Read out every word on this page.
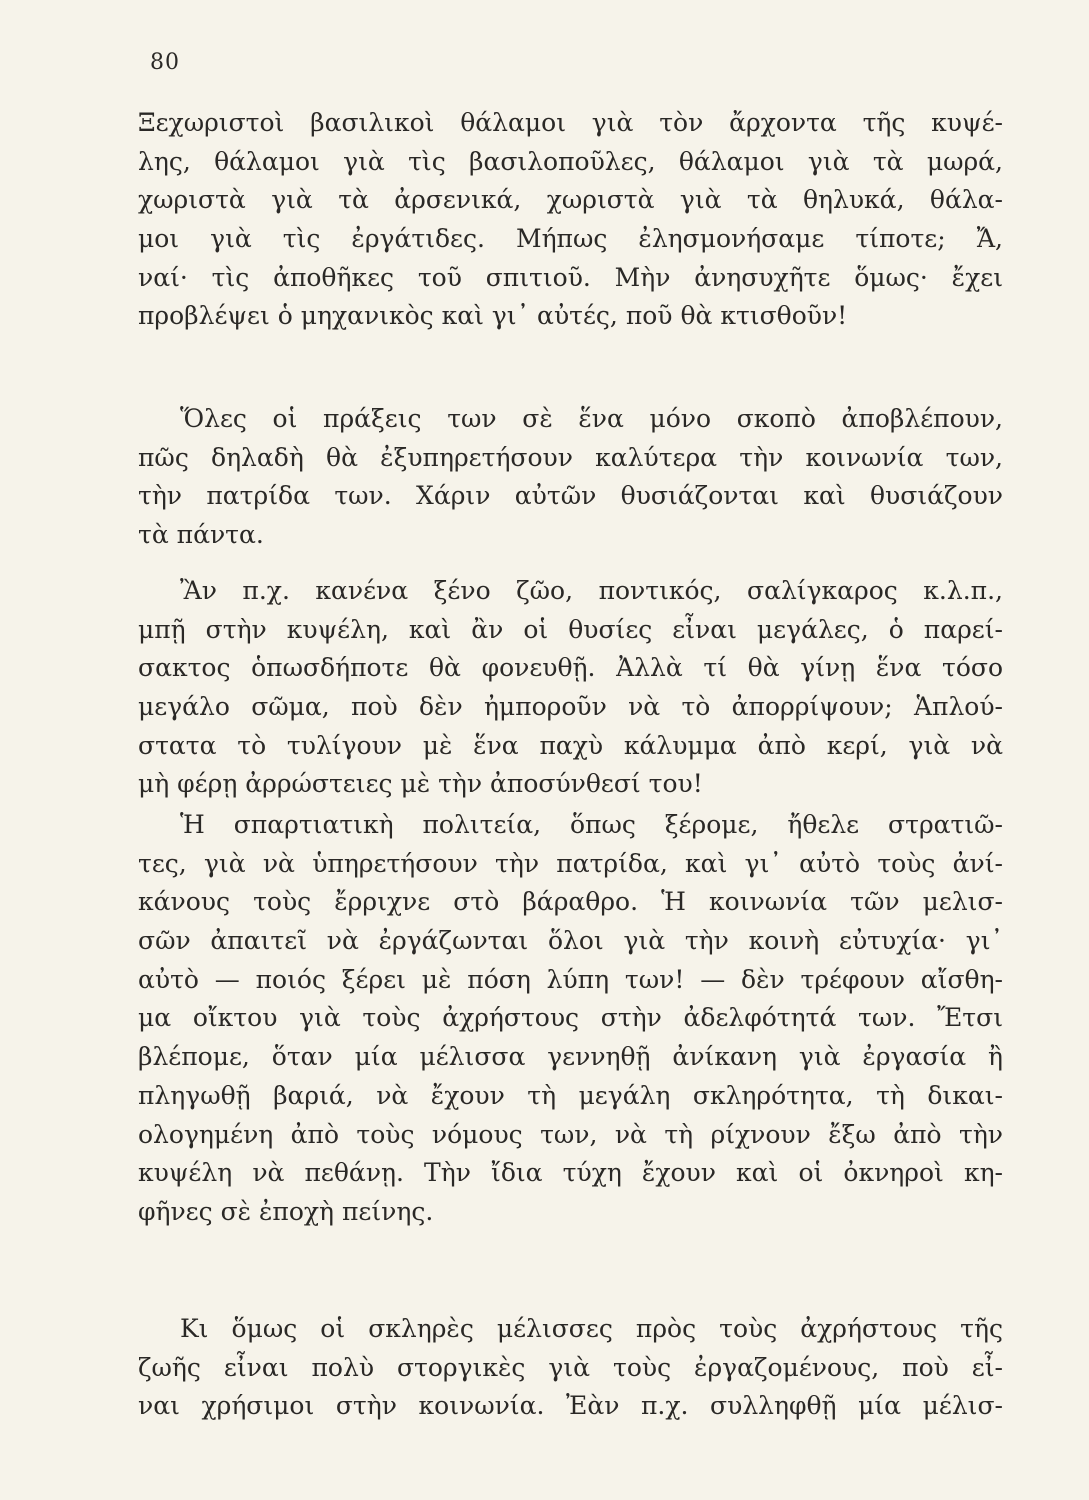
80
Ξεχωριστοὶ βασιλικοὶ θάλαμοι γιὰ τὸν ἄρχοντα τῆς κυψέ-
λης, θάλαμοι γιὰ τὶς βασιλοποῦλες, θάλαμοι γιὰ τὰ μωρά,
χωριστὰ γιὰ τὰ ἀρσενικά, χωριστὰ γιὰ τὰ θηλυκά, θάλα-
μοι γιὰ τὶς ἐργάτιδες. Μήπως ἐλησμονήσαμε τίποτε; Ἄ,
ναί· τὶς ἀποθῆκες τοῦ σπιτιοῦ. Μὴν ἀνησυχῆτε ὅμως· ἔχει
προβλέψει ὁ μηχανικὸς καὶ γι᾽ αὐτές, ποῦ θὰ κτισθοῦν!
Ὅλες οἱ πράξεις των σὲ ἕνα μόνο σκοπὸ ἀποβλέπουν,
πῶς δηλαδὴ θὰ ἐξυπηρετήσουν καλύτερα τὴν κοινωνία των,
τὴν πατρίδα των. Χάριν αὐτῶν θυσιάζονται καὶ θυσιάζουν
τὰ πάντα.
Ἂν π.χ. κανένα ξένο ζῶο, ποντικός, σαλίγκαρος κ.λ.π.,
μπῇ στὴν κυψέλη, καὶ ἂν οἱ θυσίες εἶναι μεγάλες, ὁ παρεί-
σακτος ὁπωσδήποτε θὰ φονευθῇ. Ἀλλὰ τί θὰ γίνῃ ἕνα τόσο
μεγάλο σῶμα, ποὺ δὲν ἠμποροῦν νὰ τὸ ἀπορρίψουν; Ἁπλού-
στατα τὸ τυλίγουν μὲ ἕνα παχὺ κάλυμμα ἀπὸ κερί, γιὰ νὰ
μὴ φέρῃ ἀρρώστειες μὲ τὴν ἀποσύνθεσί του!
Ἡ σπαρτιατικὴ πολιτεία, ὅπως ξέρομε, ἤθελε στρατιῶ-
τες, γιὰ νὰ ὑπηρετήσουν τὴν πατρίδα, καὶ γι᾽ αὐτὸ τοὺς ἀνί-
κάνους τοὺς ἔρριχνε στὸ βάραθρο. Ἡ κοινωνία τῶν μελισ-
σῶν ἀπαιτεῖ νὰ ἐργάζωνται ὅλοι γιὰ τὴν κοινὴ εὐτυχία· γι᾽
αὐτὸ — ποιός ξέρει μὲ πόση λύπη των! — δὲν τρέφουν αἴσθη-
μα οἴκτου γιὰ τοὺς ἀχρήστους στὴν ἀδελφότητά των. Ἔτσι
βλέπομε, ὅταν μία μέλισσα γεννηθῇ ἀνίκανη γιὰ ἐργασία ἢ
πληγωθῇ βαριά, νὰ ἔχουν τὴ μεγάλη σκληρότητα, τὴ δικαι-
ολογημένη ἀπὸ τοὺς νόμους των, νὰ τὴ ρίχνουν ἔξω ἀπὸ τὴν
κυψέλη νὰ πεθάνῃ. Τὴν ἴδια τύχη ἔχουν καὶ οἱ ὀκνηροὶ κη-
φῆνες σὲ ἐποχὴ πείνης.
Κι ὅμως οἱ σκληρὲς μέλισσες πρὸς τοὺς ἀχρήστους τῆς
ζωῆς εἶναι πολὺ στοργικὲς γιὰ τοὺς ἐργαζομένους, ποὺ εἶ-
ναι χρήσιμοι στὴν κοινωνία. Ἐὰν π.χ. συλληφθῇ μία μέλισ-
